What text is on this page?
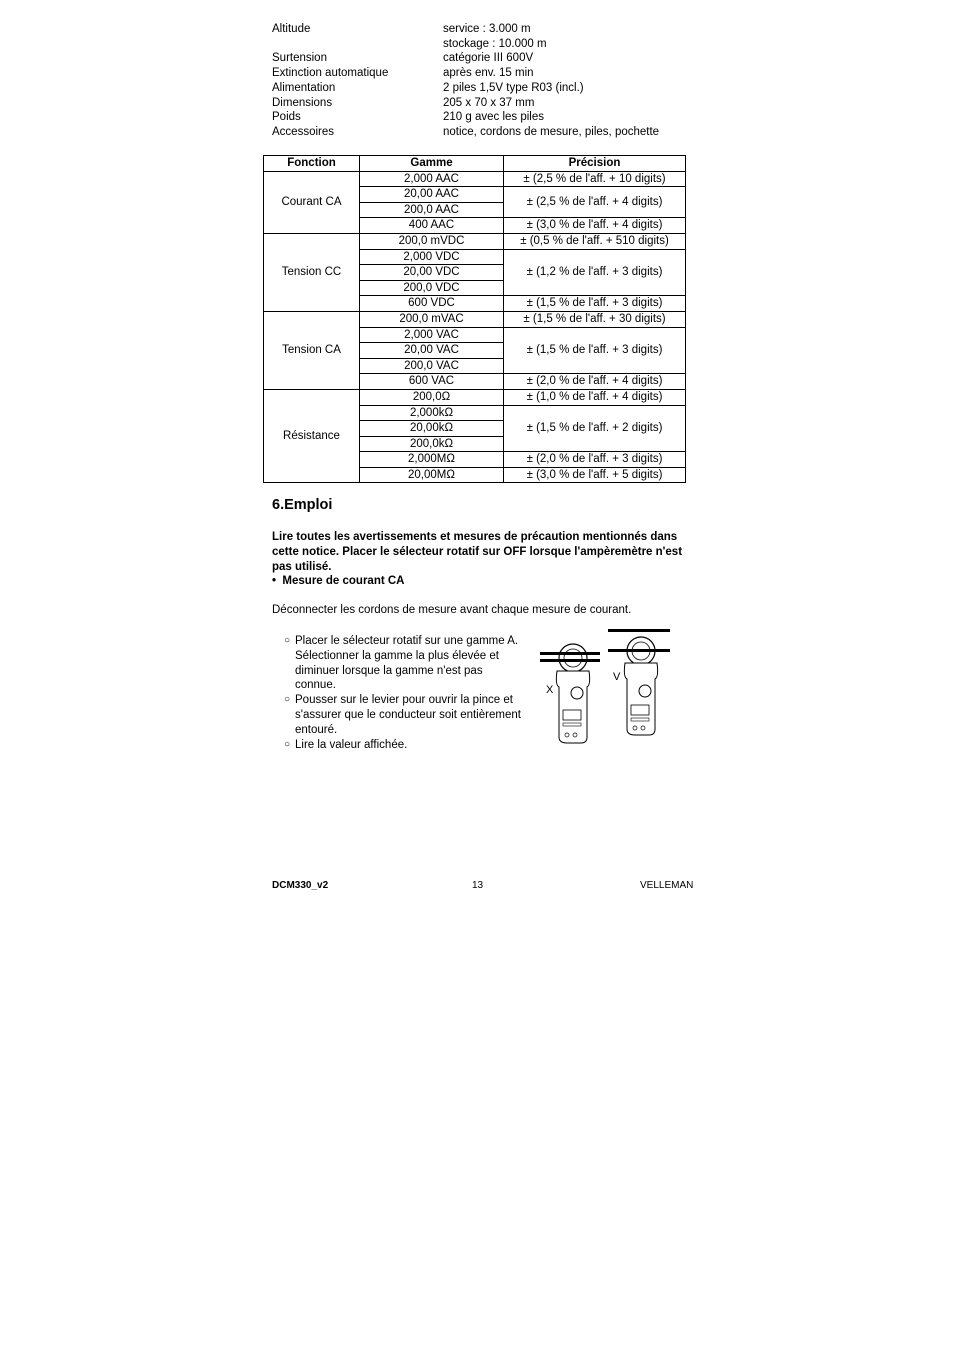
Altitude	service : 3.000 m
stockage : 10.000 m
Surtension	catégorie III 600V
Extinction automatique	après env. 15 min
Alimentation	2 piles 1,5V type R03 (incl.)
Dimensions	205 x 70 x 37 mm
Poids	210 g avec les piles
Accessoires	notice, cordons de mesure, piles, pochette
Fonction	Gamme	Précision
Courant CA	2,000 AAC	± (2,5 % de l'aff. + 10 digits)
	20,00 AAC	± (2,5 % de l'aff. + 4 digits)
	200,0 AAC	
	400 AAC	± (3,0 % de l'aff. + 4 digits)
Tension CC	200,0 mVDC	± (0,5 % de l'aff. + 510 digits)
	2,000 VDC	± (1,2 % de l'aff. + 3 digits)
	20,00 VDC	
	200,0 VDC	
	600 VDC	± (1,5 % de l'aff. + 3 digits)
Tension CA	200,0 mVAC	± (1,5 % de l'aff. + 30 digits)
	2,000 VAC	± (1,5 % de l'aff. + 3 digits)
	20,00 VAC	
	200,0 VAC	
	600 VAC	± (2,0 % de l'aff. + 4 digits)
Résistance	200,0Ω	± (1,0 % de l'aff. + 4 digits)
	2,000kΩ	± (1,5 % de l'aff. + 2 digits)
	20,00kΩ	
	200,0kΩ	
	2,000MΩ	± (2,0 % de l'aff. + 3 digits)
	20,00MΩ	± (3,0 % de l'aff. + 5 digits)
6.Emploi
Lire toutes les avertissements et mesures de précaution mentionnés dans cette notice. Placer le sélecteur rotatif sur OFF lorsque l'ampèremètre n'est pas utilisé.
•  Mesure de courant CA
Déconnecter les cordons de mesure avant chaque mesure de courant.
○ Placer le sélecteur rotatif sur une gamme A. Sélectionner la gamme la plus élevée et diminuer lorsque la gamme n'est pas connue.
○ Pousser sur le levier pour ouvrir la pince et s'assurer que le conducteur soit entièrement entouré.
○ Lire la valeur affichée.
X
V
DCM330_v2	13	VELLEMAN
